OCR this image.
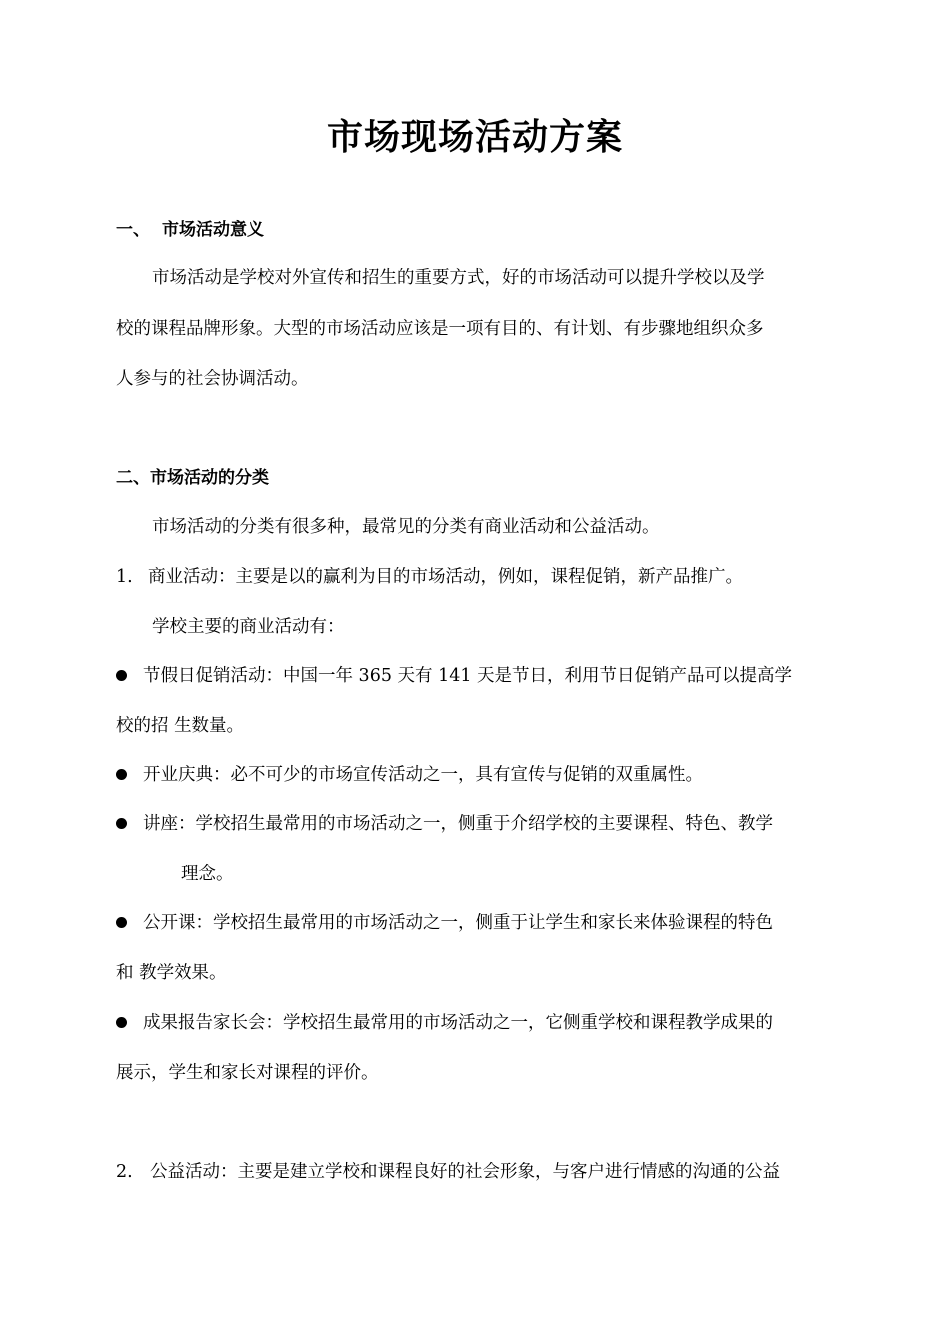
市场现场活动方案
一、 市场活动意义
市场活动是学校对外宣传和招生的重要方式，好的市场活动可以提升学校以及学
校的课程品牌形象。大型的市场活动应该是一项有目的、有计划、有步骤地组织众多
人参与的社会协调活动。
二、市场活动的分类
市场活动的分类有很多种，最常见的分类有商业活动和公益活动。
1. 商业活动：主要是以的赢利为目的市场活动，例如，课程促销，新产品推广。
学校主要的商业活动有：
节假日促销活动：中国一年 365 天有 141 天是节日，利用节日促销产品可以提高学
校的招 生数量。
开业庆典：必不可少的市场宣传活动之一，具有宣传与促销的双重属性。
讲座：学校招生最常用的市场活动之一，侧重于介绍学校的主要课程、特色、教学
理念。
公开课：学校招生最常用的市场活动之一，侧重于让学生和家长来体验课程的特色
和 教学效果。
成果报告家长会：学校招生最常用的市场活动之一，它侧重学校和课程教学成果的
展示，学生和家长对课程的评价。
2. 公益活动：主要是建立学校和课程良好的社会形象，与客户进行情感的沟通的公益
